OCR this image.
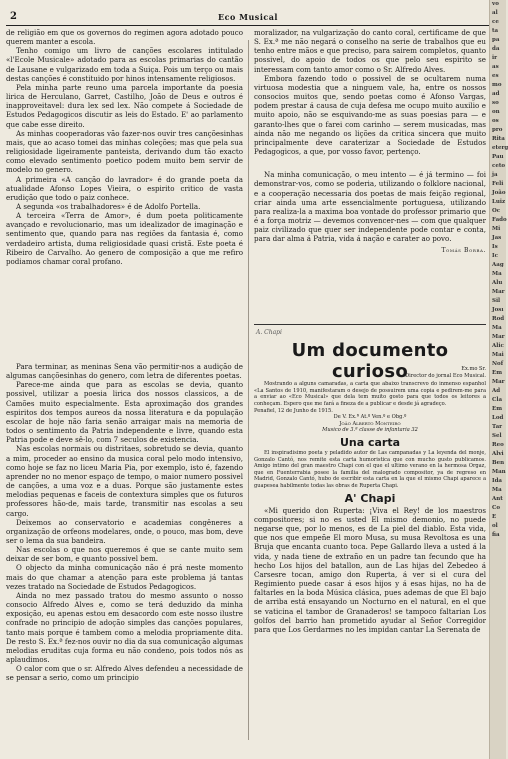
2	Eco Musical

de religião em que os governos do regimen agora adotado pouco querem manter a escola.

Tenho comigo um livro de canções escolares intitulado «l'Ecole Musicale» adotado para as escolas primarias do cantão de Lausane e vulgarizado em toda a Suiça. Pois um terço ou mais destas canções é constituido por hinos intensamente religiosos.

Pela minha parte reuno uma parcela importante da poesia lirica de Herculano, Garret, Castilho, João de Deus e outros é inapproveitavel: dura lex sed lex. Não compete á Sociedade de Estudos Pedagogicos discutir as leis do Estado. E' ao parlamento que cabe esse direito.

As minhas cooperadoras vão fazer-nos ouvir tres cançõesinhas mais, que ao acaso tomei das minhas coleções; mas que pela sua religiosidade ligeiramente panteista, derivando dum tão exacto como elevado sentimento poetico podem muito bem servir de modelo no genero.

A primeira «A canção do lavrador» é do grande poeta da atualidade Afonso Lopes Vieira, o espirito critico de vasta erudição que todo o paiz conhece.

A segunda «os trabalhadores» é de Adolfo Portella.

A terceira «Terra de Amor», é dum poeta politicamente avançado e revolucionario, mas um idealizador de imaginação e sentimento que, quando para nas regiões da fantasia é, como verdadeiro artista, duma religiosidade quasi cristã. Este poeta é Ribeiro de Carvalho. Ao genero de composição a que me refiro podiamos chamar coral profano.

Para terminar, as meninas Sena vão permitir-nos a audição de algumas cançõesinhas do genero, com letra de diferentes poetas.

Parece-me ainda que para as escolas se devia, quanto possivel, utilizar a poesia lirica dos nossos classicos, a de Camões muito especialmente. Esta aproximação dos grandes espiritos dos tempos aureos da nossa literatura e da população escolar de hoje não faria senão arraigar mais na memoria de todos o sentimento da Patria independente e livre, quando esta Patria pode e deve sê-lo, com 7 seculos de existencia.

Nas escolas normais ou distritaes, sobretudo se devia, quanto a mim, proceder ao ensino da musica coral pelo modo intensivo, como hoje se faz no liceu Maria Pia, por exemplo, isto é, fazendo aprender no no menor espaço de tempo, o maior numero possivel de canções, a uma voz e a duas. Porque são justamente estes melodias pequenas e faceis de contextura simples que os futuros professores hão-de, mais tarde, transmitir nas escolas a seu cargo.

Deixemos ao conservatorio e academias congêneres a organização de orfeons modelares, onde, o pouco, mas bom, deve ser o lema da sua bandeira.

Nas escolas o que nos queremos é que se cante muito sem deixar de ser bom, e quanto possivel bem.

O objecto da minha comunicação não é prá neste momento mais do que chamar a atenção para este problema já tantas vezes tratado na Sociedade de Estudos Pedagogicos.

Ainda no mez passado tratou do mesmo assunto o nosso consocio Alfredo Alves e, como se terá deduzido da minha exposição, eu apenas estou em desacordo com este nosso ilustre confrade no principio de adoção simples das canções populares, tanto mais porque é tambem como a melodia propriamente dita. De resto S. Ex.ª fez-nos ouvir no dia da sua comunicação algumas melodias eruditas cuja forma eu não condeno, pois todos nós as aplaudimos.

O calor com que o sr. Alfredo Alves defendeu a necessidade de se pensar a serio, como um principio

moralizador, na vulgarização do canto coral, certificame de que S. Ex.ª me não negará o conselho na serie de trabalhos que eu tenho entre mãos e que preciso, para sairem completos, quanto possivel, do apoio de todos os que pelo seu espirito se interessam com tanto amor como o Sr. Alfredo Alves.

Embora fazendo todo o possivel de se ocultarem numa virtuosa modestia que a ninguem vale, ha, entre os nossos consocios muitos que, sendo poetas como é Afonso Vargas, podem prestar á causa de cuja defesa me ocupo muito auxilio e muito apoio, não se esquivando-me as suas poesias para — e garanto-lhes que o farei com carinho — serem musicadas, mas ainda não me negando os lições da critica sincera que muito principalmente deve caraterizar a Sociedade de Estudos Pedagogicos, a que, por vosso favor, pertenço.

Na minha comunicação, o meu intento — é já termino — foi demonstrar-vos, como se poderia, utilizando o folklore nacional, e a cooperação necessaria dos poetas de mais feição regional, criar ainda uma arte essencialmente portuguesa, utilizando para realiza-la a maxima boa vontade do professor primario que é a força motriz — devemos convencer-nes — com que qualquer paiz civilizado que quer ser independente pode contar e conta, para dar alma á Patria, vida á nação e carater ao povo.

Tomás Borba.
A. Chapi
Um documento curioso	Ex.mo Sr.
Director do jornal Eco Musical.

Mostrando a alguns camaradas, a carta que abaixo transcrevo do inmenso espanhol «La Santos de 1910, manifestaram o desejo de possuirem uma copia e pedirem-me para a enviar ao «Eco Musical» que dela tem muito gosto para que todos os leitores a conheçam. Espero que me fará a fineza de a publicar e desde já agradeço.

Penafiel, 12 de Junho de 1915.
De V. Ex.ª At.º Ven.º e Obg.º
João Alberto Monteiro
Musico de 3.ª classe de infantaria 32
Una carta

El inspiradisimo poeta y peladido autor de Las campanadas y La leyenda del monje, Gonzalo Cantó, nos remite esta carta humoristica que con mucho gusto publicamos. Amigo intimo del gran maestro Chapi con el que el ultimo verano en la hermosa Orgaz, que en Fuenterrabia posee la familia del malogrado compositor, ya de regreso en Madrid, Gonzalo Cantó, hubo de escribir esta carta en la que el mismo Chapi aparece a guapesea habilmente todas las obras de Ruperta Chapi.

A' Chapi

«Mi querido don Ruperta: ¡Viva el Rey! de los maestros compositores; si no es usted El mismo demonio, no puede negarse que, por lo menos, es de La piel del diablo. Esta vida, que nos que empeñe El moro Musa, su musa Revoltosa es una Bruja que encanta cuanto toca. Pepe Gallardo lleva a usted á la vida, y nada tiene de extraño en un padre tan fecundo que ha hecho Los hijos del batallon, aun de Las hijas del Zebedeo á Carsesre tocan, amigo don Ruperta, á ver si el cura del Regimiento puede casar á esos hijos y á esas hijas, no ha de faltarles en la boda Música clásica, pues ademas de que El bajo de arriba está ensayando un Nocturno en el natural, en el que se vaticina el tambor de Granaderos! se tampoco faltarian Los golfos del barrio han prometido ayudar al Señor Corregidor para que Los Gerdarmes no les impidan cantar La Serenata de

vo
al
ce
ta
pa
da
ir
as
es
mo
ad
so
on
os
pro
Rita
eterg
Pau
ceto
ja
Feli
João
Luiz
Oc
Fado
Mi
Jas
Is
Ic
Aag
Ma
Alu
Mar
Sil
Josı
Rod
Ma
Mar
Alic
Mai
Nof
Em
Mar
Ad
Cla
Em
Lod
Tar
Sel
Reo
Alvi
Ben
Man
Ida
Ma
Ant
Co
E
ol
fia
